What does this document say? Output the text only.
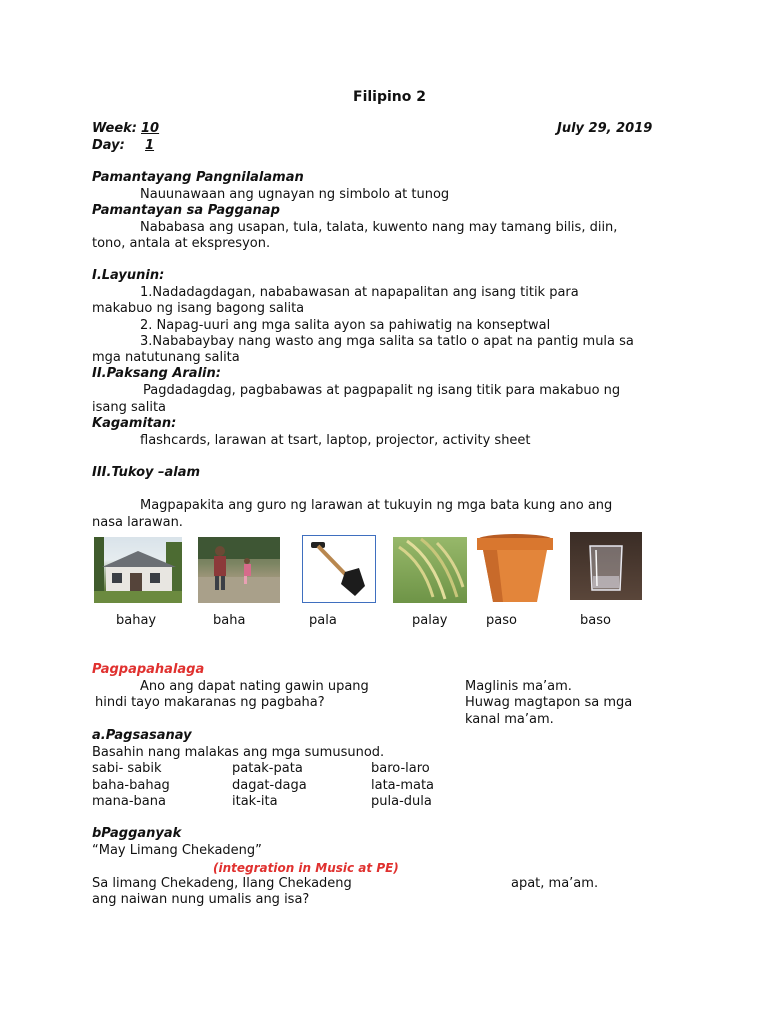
Filipino 2
Week: 10
Day: 1
July 29, 2019
Pamantayang Pangnilalaman
Nauunawaan ang ugnayan ng simbolo at tunog
Pamantayan sa Pagganap
Nababasa ang usapan, tula, talata, kuwento nang may tamang bilis, diin,
tono, antala at ekspresyon.
I.Layunin:
1.Nadadagdagan, nababawasan at napapalitan ang isang titik para
makabuo ng isang bagong salita
2. Napag-uuri ang mga salita ayon sa pahiwatig na konseptwal
3.Nababaybay nang wasto ang mga salita sa tatlo o apat na pantig mula sa
mga natutunang salita
II.Paksang Aralin:
Pagdadagdag, pagbabawas at pagpapalit ng isang titik para makabuo ng
isang salita
Kagamitan:
flashcards, larawan at tsart, laptop, projector, activity sheet
III.Tukoy –alam
Magpapakita ang guro ng larawan at tukuyin ng mga bata kung ano ang
nasa larawan.
bahay	baha	pala	palay	paso	baso
Pagpapahalaga
Ano ang dapat nating gawin upang
hindi tayo makaranas ng pagbaha?
Maglinis ma’am.
Huwag magtapon sa mga
kanal ma’am.
a.Pagsasanay
Basahin nang malakas ang mga sumusunod.
sabi- sabik	patak-pata	baro-laro
baha-bahag	dagat-daga	lata-mata
mana-bana	itak-ita	pula-dula
bPagganyak
“May Limang Chekadeng”
(integration in Music at PE)
Sa limang Chekadeng, Ilang Chekadeng
ang naiwan nung umalis ang isa?
apat, ma’am.
